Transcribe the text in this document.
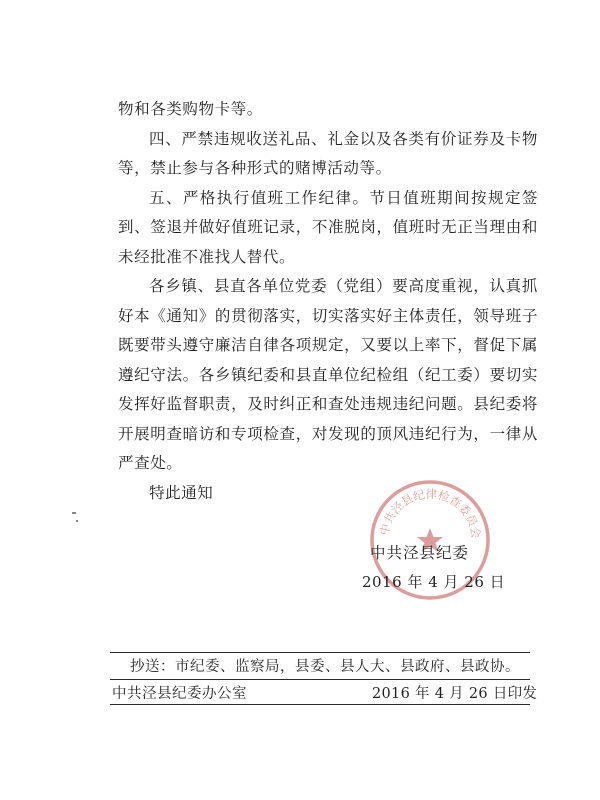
物和各类购物卡等。

四、严禁违规收送礼品、礼金以及各类有价证券及卡物等，禁止参与各种形式的赌博活动等。

五、严格执行值班工作纪律。节日值班期间按规定签到、签退并做好值班记录，不准脱岗，值班时无正当理由和未经批准不准找人替代。

各乡镇、县直各单位党委（党组）要高度重视，认真抓好本《通知》的贯彻落实，切实落实好主体责任，领导班子既要带头遵守廉洁自律各项规定，又要以上率下，督促下属遵纪守法。各乡镇纪委和县直单位纪检组（纪工委）要切实发挥好监督职责，及时纠正和查处违规违纪问题。县纪委将开展明查暗访和专项检查，对发现的顶风违纪行为，一律从严查处。

特此通知

中共泾县纪律检查委员会
中共泾县纪委
2016 年 4 月 26 日
抄送：市纪委、监察局，县委、县人大、县政府、县政协。
中共泾县纪委办公室	2016 年 4 月 26 日印发
